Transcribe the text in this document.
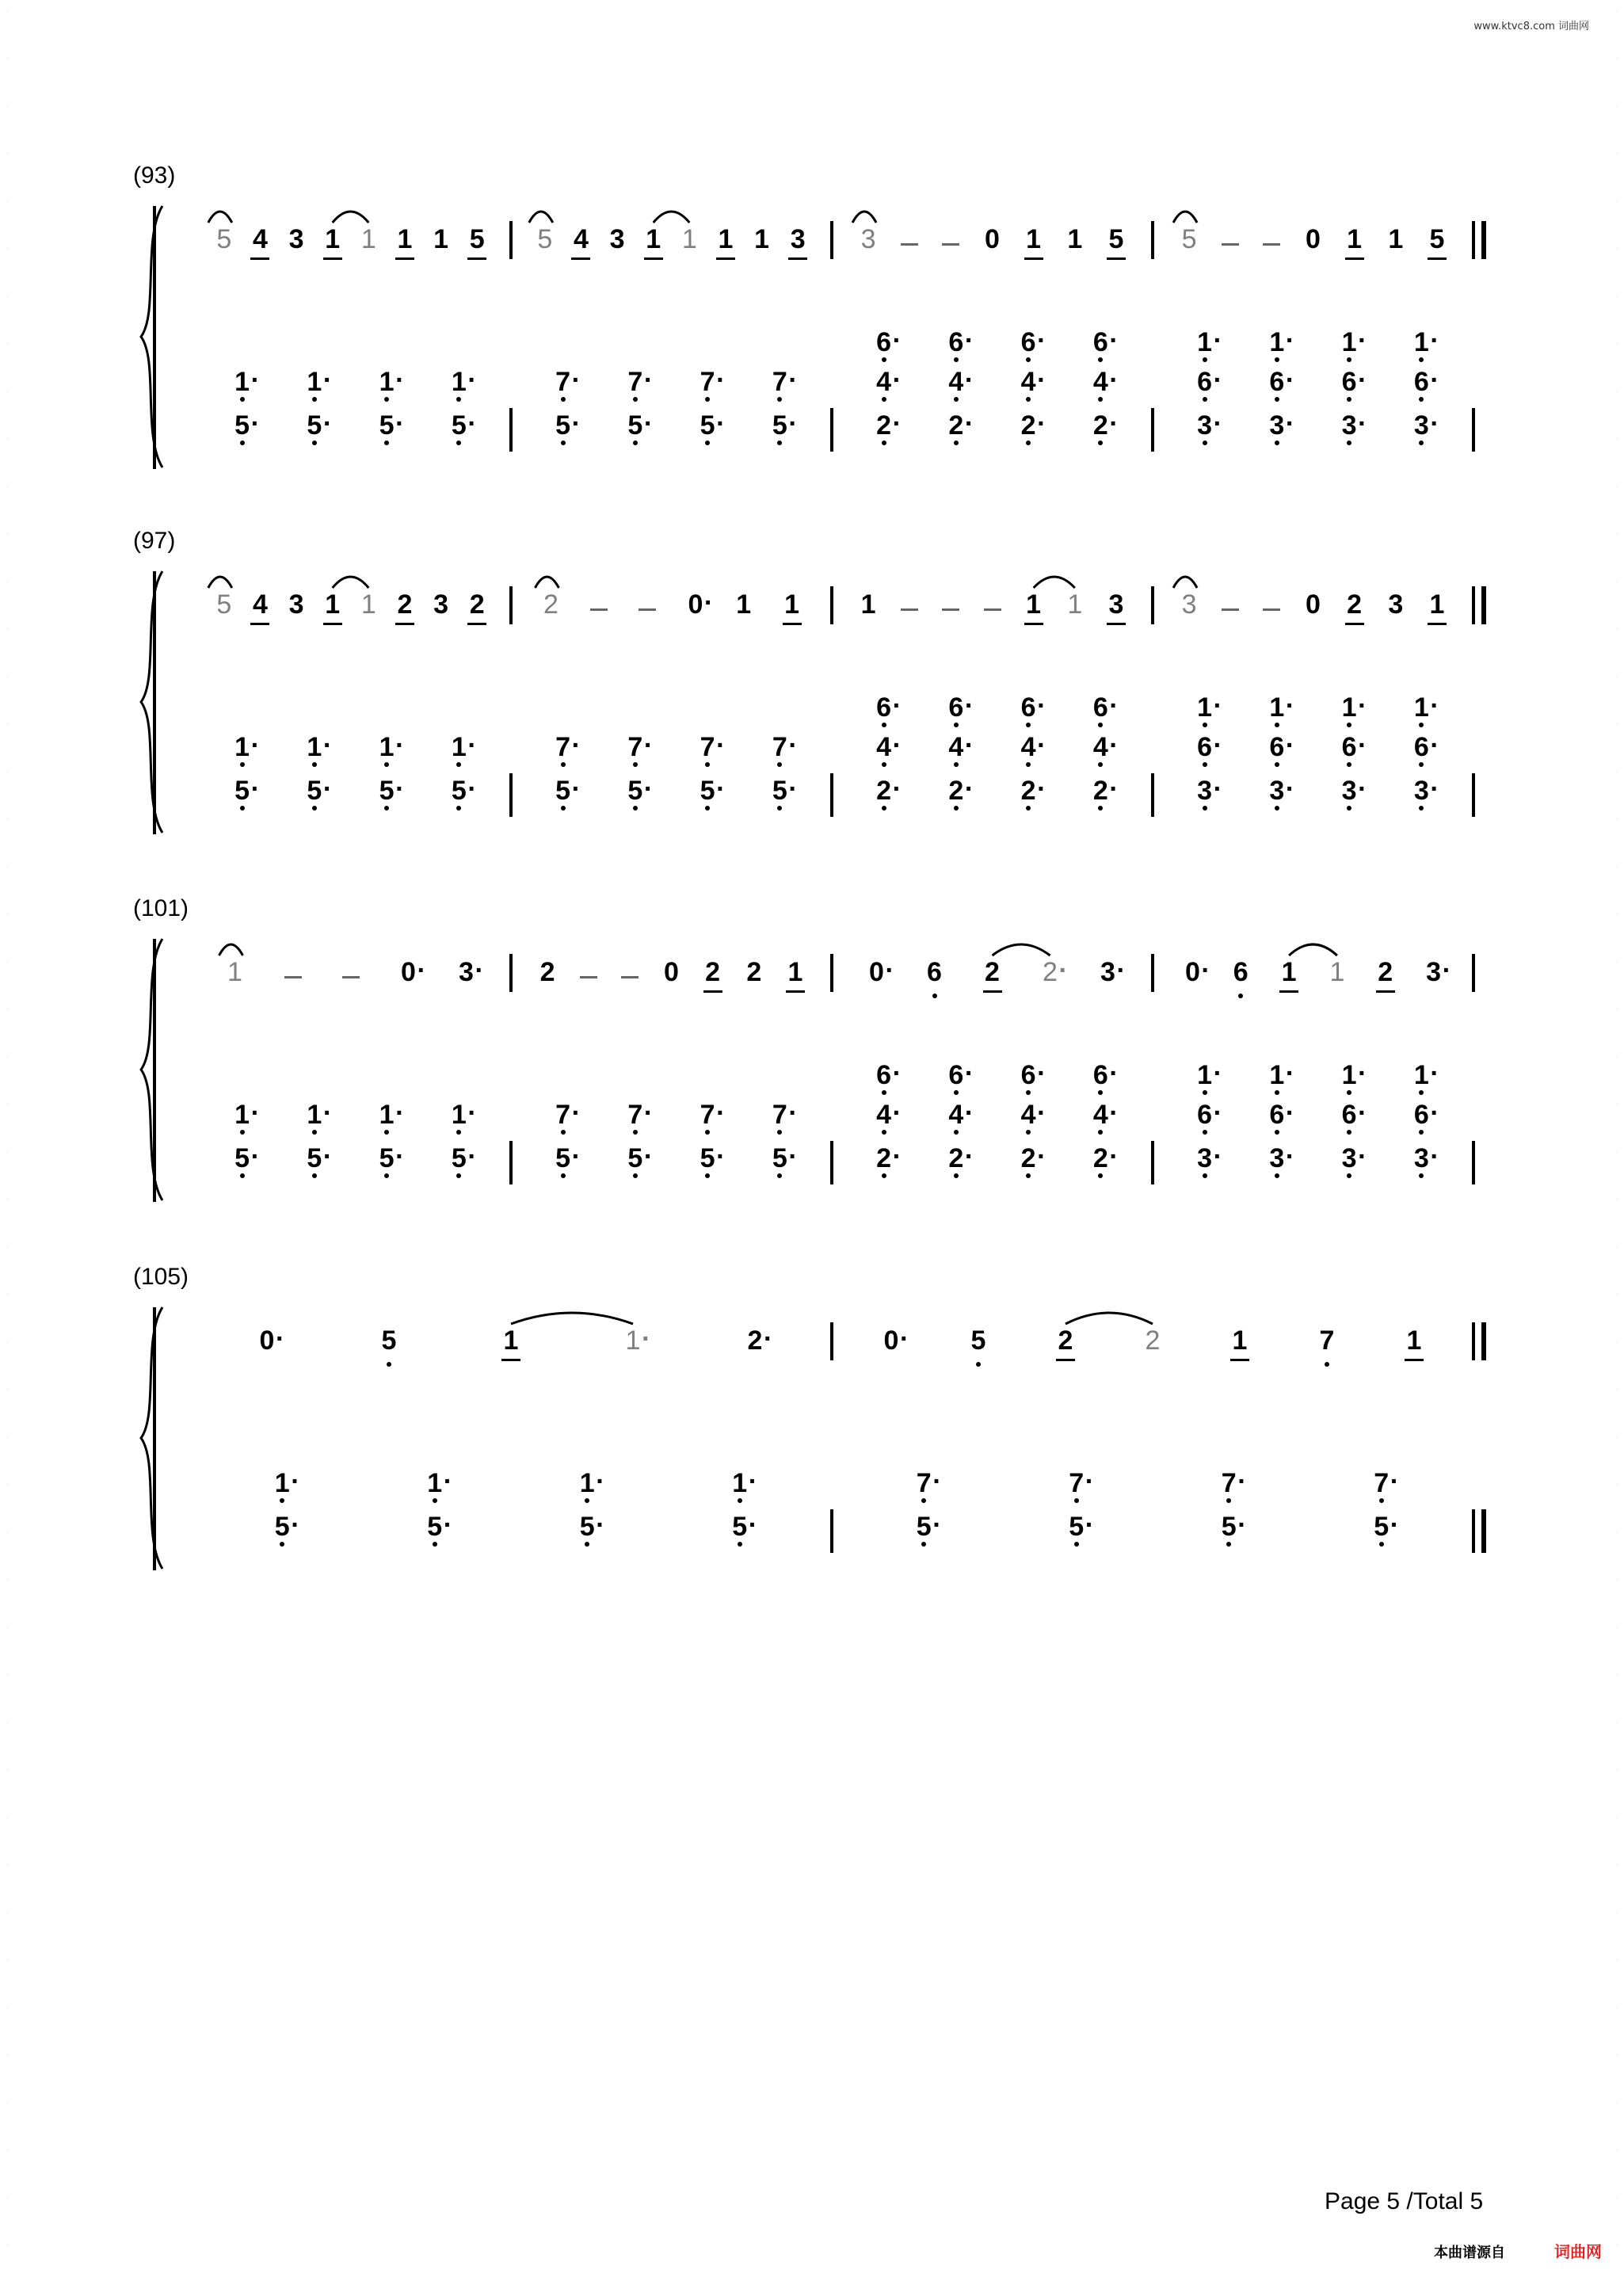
·
·
·
·
·
·
·
·
·
·
·
·
·
·
·
·
·
·
·
·
·
·
·
·
·
·
·
·
·
·
·
·
·
·
·
·
·
·
·
·
·
·
·
·
·
·
·
·
·
·
·
·
·
·
·
·
·
·
·
·
·
·
·
·
·
·
·
·
·
·
·
·
·
·
·
·
·
·
·
·
·
·
·
·
·
·
·
·
·
·
·
·
·
·
·
·
www.ktvc8.com 词曲网
(93)
5 4 3 1 1 1 1 5 5 4 3 1 1 1 1 3 3	0 1 1 5 5	0 1 1 5
1 ·
5 ·
1 ·
5 ·
1 ·
5 ·
1 ·
5 ·
7 ·
5 ·
7 ·
5 ·
7 ·
5 ·
7 ·
5 ·
6 ·
4 ·
2 ·
6 ·
4 ·
2 ·
6 ·
4 ·
2 ·
6 ·
4 ·
2 ·
1 ·
6 ·
3 ·
1 ·
6 ·
3 ·
1 ·
6 ·
3 ·
1 ·
6 ·
3 ·
(97)
5 4 3 1 1 2 3 2 2	0 · 1 1 1	1 1 3 3	0 2 3 1
1 ·
5 ·
1 ·
5 ·
1 ·
5 ·
1 ·
5 ·
7 ·
5 ·
7 ·
5 ·
7 ·
5 ·
7 ·
5 ·
6 ·
4 ·
2 ·
6 ·
4 ·
2 ·
6 ·
4 ·
2 ·
6 ·
4 ·
2 ·
1 ·
6 ·
3 ·
1 ·
6 ·
3 ·
1 ·
6 ·
3 ·
1 ·
6 ·
3 ·
(101)
1	0 · 3 · 2	0 2 2 1 0 · 6 2 2 · 3 · 0 · 6 1 1 2 3 ·
1 ·
5 ·
1 ·
5 ·
1 ·
5 ·
1 ·
5 ·
7 ·
5 ·
7 ·
5 ·
7 ·
5 ·
7 ·
5 ·
6 ·
4 ·
2 ·
6 ·
4 ·
2 ·
6 ·
4 ·
2 ·
6 ·
4 ·
2 ·
1 ·
6 ·
3 ·
1 ·
6 ·
3 ·
1 ·
6 ·
3 ·
1 ·
6 ·
3 ·
(105)
0 ·	5	1	1 ·	2 ·	0 · 5	2	2	1	7	1
1 ·
5 ·
1 ·
5 ·
1 ·
5 ·
1 ·
5 ·
7 ·
5 ·
7 ·
5 ·
7 ·
5 ·
7 ·
5 ·
Page 5 /Total 5
本曲谱源自	词曲网
